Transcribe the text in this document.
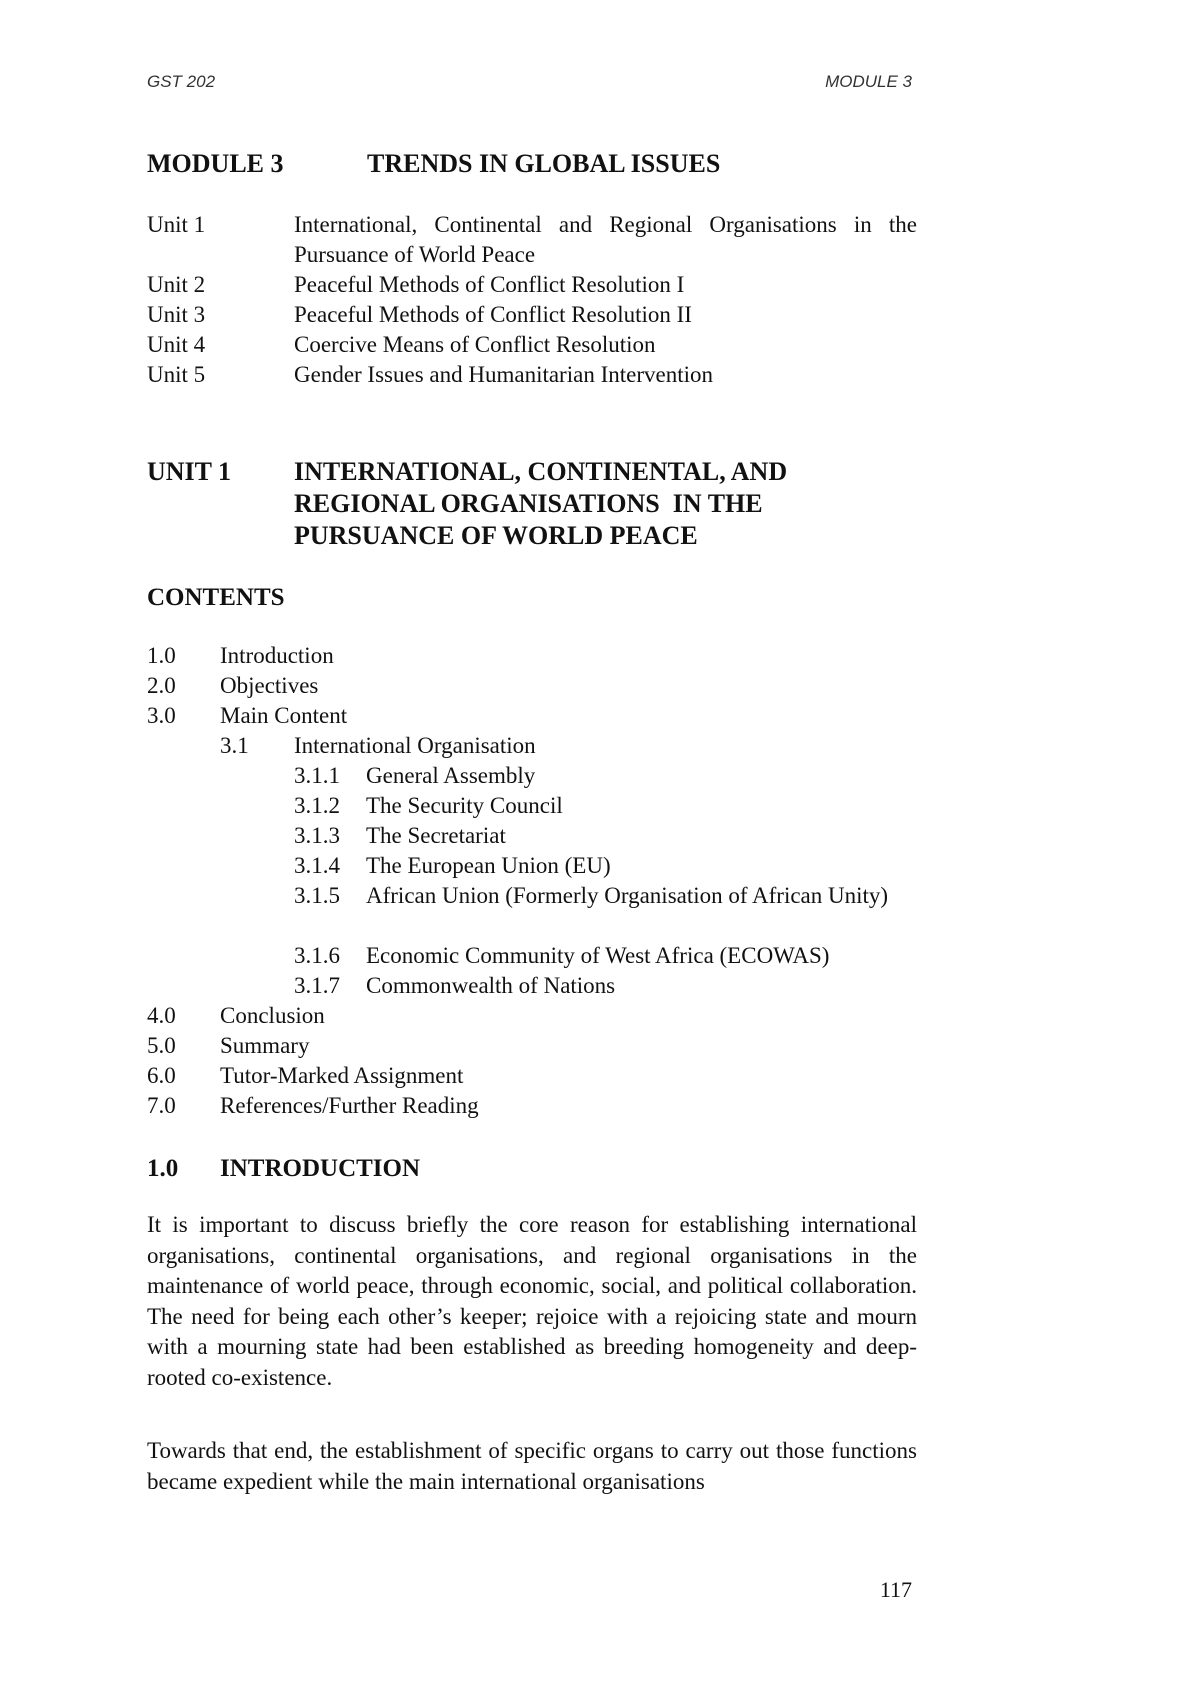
GST 202	MODULE 3
MODULE 3	TRENDS IN GLOBAL ISSUES
Unit 1	International, Continental and Regional Organisations in the Pursuance of World Peace
Unit 2	Peaceful Methods of Conflict Resolution I
Unit 3	Peaceful Methods of Conflict Resolution II
Unit 4	Coercive Means of Conflict Resolution
Unit 5	Gender Issues and Humanitarian Intervention
UNIT 1 INTERNATIONAL, CONTINENTAL, AND
REGIONAL ORGANISATIONS  IN THE
PURSUANCE OF WORLD PEACE
CONTENTS
1.0 Introduction
2.0 Objectives
3.0 Main Content
3.1 International Organisation
3.1.1 General Assembly
3.1.2 The Security Council
3.1.3 The Secretariat
3.1.4 The European Union (EU)
3.1.5 African Union (Formerly Organisation of African Unity)
3.1.6 Economic Community of West Africa (ECOWAS)
3.1.7 Commonwealth of Nations
4.0 Conclusion
5.0 Summary
6.0 Tutor-Marked Assignment
7.0 References/Further Reading
1.0 INTRODUCTION

It is important to discuss briefly the core reason for establishing international organisations, continental organisations, and regional organisations in the maintenance of world peace, through economic, social, and political collaboration. The need for being each other’s keeper; rejoice with a rejoicing state and mourn with a mourning state had been established as breeding homogeneity and deep-rooted co-existence.

Towards that end, the establishment of specific organs to carry out those functions became expedient while the main international organisations

117
